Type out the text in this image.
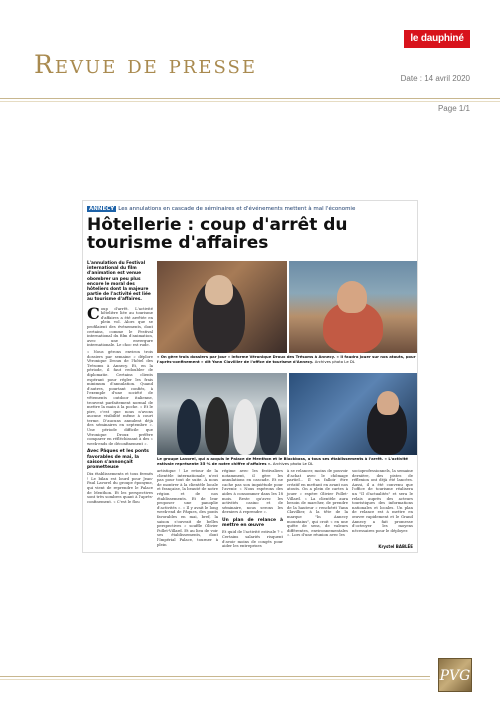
Revue de presse
le dauphiné
Date : 14 avril 2020
Page 1/1
ANNECY Les annulations en cascade de séminaires et d'événements mettent à mal l'économie
Hôtellerie : coup d'arrêt du tourisme d'affaires
L'annulation du Festival international du film d'animation est venue obombrer un peu plus encore le moral des hôteliers dont la majeure partie de l'activité est liée au tourisme d'affaires.

Coup d'arrêt. L'activité hôtelière liée au tourisme d'affaires a été arrêtée en plein vol. Alors que se profilaient des événements, dont certains, comme le Festival international du film d'animation, avec une envergure internationale. Le choc est rude.

« Nous gérons environ trois dossiers par semaine » déplore Véronique Droux de l'hôtel des Trésoms à Annecy. Et, en la période, il faut redoubler de diplomatie. Certains clients espérant pour régler les frais minimum d'annulation. Quand d'autres, pourtant confiés, à l'exemple d'une société de vêtements outdoor italienne, trouvent parfaitement normal de mettre la main à la poche. « Et le pire, c'est que nous n'avons aucune visibilité même à court terme. D'aucuns annulent déjà des séminaires en septembre ». Une période difficile que Véronique Droux préfère comparer en réfléchissant à des « week-ends de déconfinement ».

Avec Pâques et les ponts favorables de mai, la saison s'annonçait prometteuse

Dix établissements et tous fermés ! Le bilan est lourd pour Jean-Paul Lavorel du groupe éponyme, qui vient de reprendre le Palace de Menthon. Et les perspectives sont très sombres quant à l'après-confinement. « C'est le flou

« On gère trois dossiers par jour » informe Véronique Droux des Trésoms à Annecy. « Il faudra jouer sur nos atouts, pour l'après-confinement » dit Yann Clavillier de l'office de tourisme d'Annecy. Archives photo Le DL
Le groupe Lavorel, qui a acquis le Palace de Menthon et le Blackbass, a tous ses établissements à l'arrêt. « L'activité estivale représente 35 % de notre chiffre d'affaires ». Archives photo Le DL
artistique ! Le retour de la clientèle internationale n'est pas pour tout de suite. À nous de montrer à la clientèle locale et française, la beauté de notre région et de nos établissements. Et de leur proposer une panoplie d'activités ». « Il y avait le long week-end de Pâques, des ponts favorables en mai, bref, la saison s'ouvrait de belles perspectives » souffle Olivier Pollet-Villard. Et au lieu de voir ses établissements, dont l'Impérial Palace, tourner à plein
régime avec les festivaliers notamment, il gère les annulations en cascade. Et ne cache pas son inquiétude pour l'avenir. « Nous espérons des aides à consommer dans les 18 mois. Reste qu'avec les activités casino et de séminaire, nous serons les derniers à reprendre ».
Un plan de relance à mettre en œuvre
Et quid de l'activité estivale ? « Certains salariés risquent d'avoir moins de congés pour aider les entreprises
à se relancer, moins de pouvoir d'achat avec le chômage partiel... Il va falloir être créatif en mettant en avant nos atouts. On a plein de cartes à jouer » espère Olivier Pollet-Villard. « La clientèle aura besoin de marcher, de prendre de la hauteur » renchérit Yann Clavillier, à la tête de la marque "In Annecy mountains", qui croit « en une quête de sens, de valeurs différentes, environnementales ». Lors d'une réunion avec les
socioprofessionnels, la semaine dernière, des pistes de réflexion ont déjà été lancées. Aussi, il a été convenu que l'office de tourisme réalisera un "Il d'actualités" et sera le relais auprès des acteurs touristiques des informations nationales et locales. Un plan de relance est à mettre en œuvre rapidement et le Grand Annecy a fait promesse d'octroyer les moyens nécessaires pour le déployer.
Krystel BABLÉE
PVG
